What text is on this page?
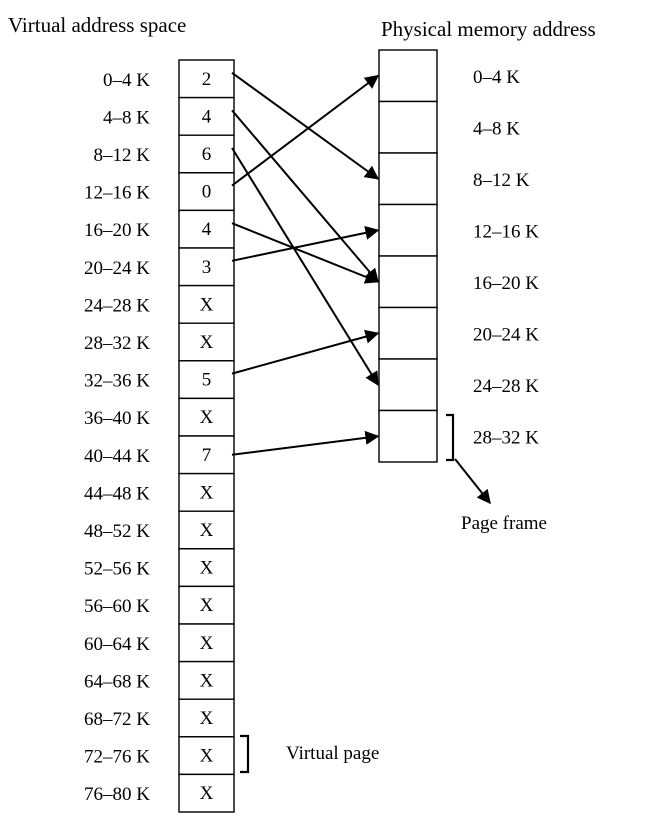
Virtual address space	Physical memory address
2
0–4 K
4
4–8 K
6
8–12 K
0
12–16 K
4
16–20 K
3
20–24 K
X
24–28 K
X
28–32 K
5
32–36 K
X
36–40 K
7
40–44 K
X
44–48 K
X
48–52 K
X
52–56 K
X
56–60 K
X
60–64 K
X
64–68 K
X
68–72 K
X
72–76 K
X
76–80 K
0–4 K
4–8 K
8–12 K
12–16 K
16–20 K
20–24 K
24–28 K
28–32 K
Page frame
Virtual page
